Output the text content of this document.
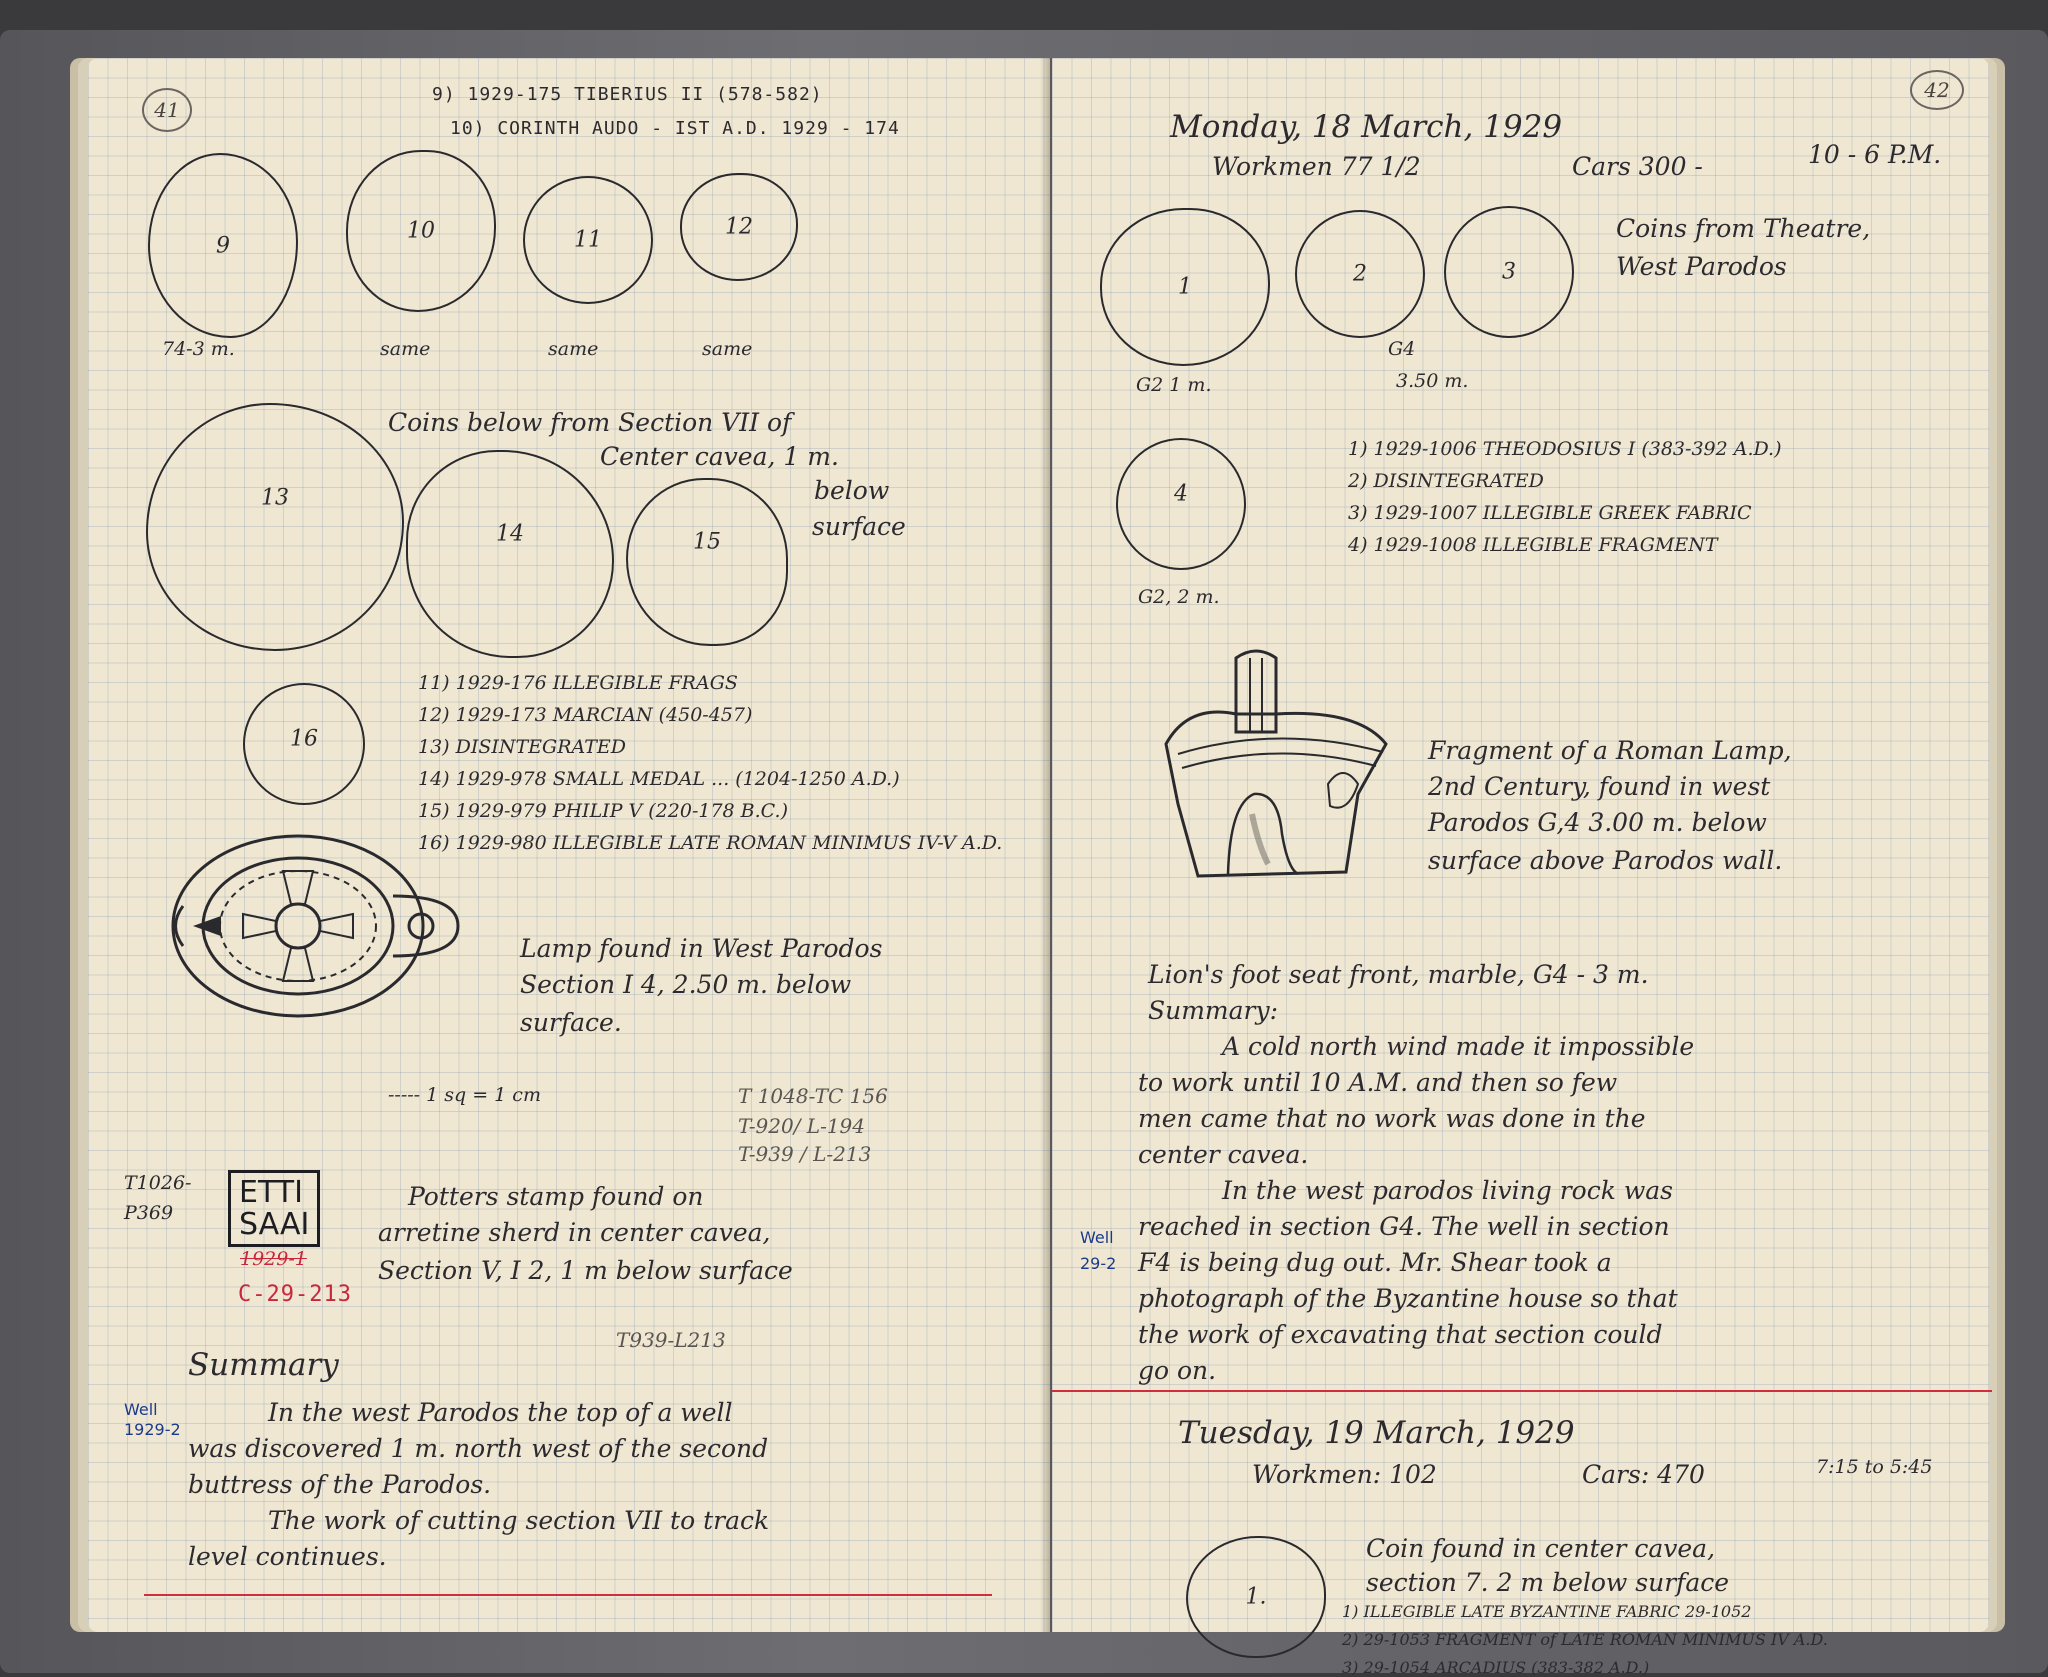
41
9) 1929-175 TIBERIUS II (578-582)
10) CORINTH AUDO - IST A.D. 1929 - 174
9
10	11
12
74-3 m.	same	same	same
Coins below from Section VII of
Center cavea, 1 m.
below
surface
13
14	15
16
11) 1929-176 ILLEGIBLE FRAGS
12) 1929-173 MARCIAN (450-457)
13) DISINTEGRATED
14) 1929-978 SMALL MEDAL ... (1204-1250 A.D.)
15) 1929-979 PHILIP V (220-178 B.C.)
16) 1929-980 ILLEGIBLE LATE ROMAN MINIMUS IV-V A.D.
Lamp found in West Parodos
Section I 4, 2.50 m. below
surface.
----- 1 sq = 1 cm	T 1048-TC 156
T-920/ L-194
T-939 / L-213
T1026-
P369
ETTI
SAAI
1929-1
C-29-213
Potters stamp found on
arretine sherd in center cavea,
Section V, I 2, 1 m below surface
T939-L213
Summary
Well
1929-2
In the west Parodos the top of a well
was discovered 1 m. north west of the second
buttress of the Parodos.
The work of cutting section VII to track
level continues.
42
Monday, 18 March, 1929
Workmen 77 1/2	Cars 300 -	10 - 6 P.M.
1
2	3
Coins from Theatre,
West Parodos
G2 1 m.
G4
3.50 m.
4
G2, 2 m.
1) 1929-1006 THEODOSIUS I (383-392 A.D.)
2) DISINTEGRATED
3) 1929-1007 ILLEGIBLE GREEK FABRIC
4) 1929-1008 ILLEGIBLE FRAGMENT
Fragment of a Roman Lamp,
2nd Century, found in west
Parodos G,4 3.00 m. below
surface above Parodos wall.
Lion's foot seat front, marble, G4 - 3 m.
Summary:
A cold north wind made it impossible
to work until 10 A.M. and then so few
men came that no work was done in the
center cavea.
In the west parodos living rock was
reached in section G4. The well in section
Well
29-2 F4 is being dug out. Mr. Shear took a
photograph of the Byzantine house so that
the work of excavating that section could
go on.
Tuesday, 19 March, 1929
Workmen: 102	Cars: 470	7:15 to 5:45
1.
Coin found in center cavea,
section 7. 2 m below surface
1) ILLEGIBLE LATE BYZANTINE FABRIC 29-1052
2) 29-1053 FRAGMENT of LATE ROMAN MINIMUS IV A.D.
3) 29-1054 ARCADIUS (383-382 A.D.)
